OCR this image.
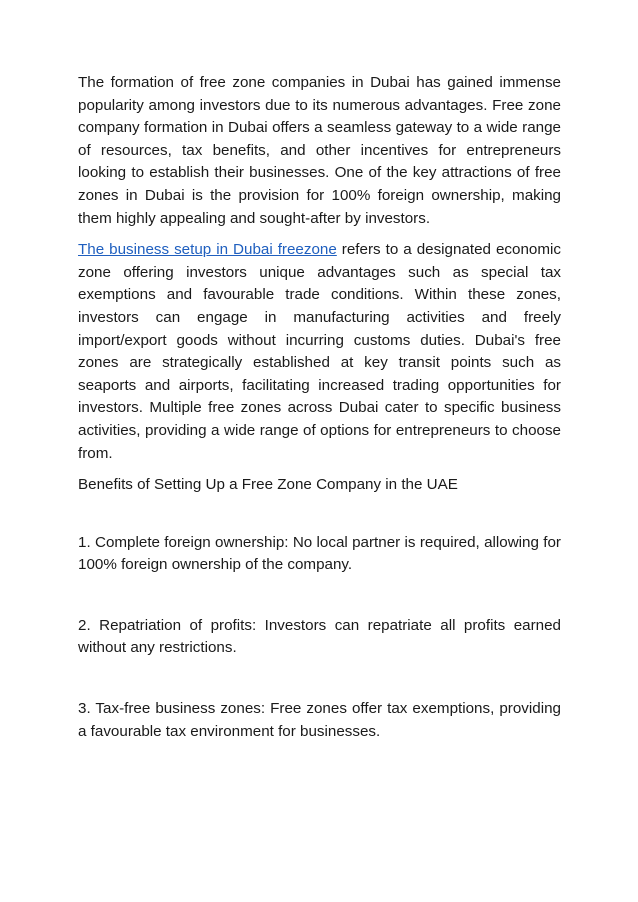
The formation of free zone companies in Dubai has gained immense popularity among investors due to its numerous advantages. Free zone company formation in Dubai offers a seamless gateway to a wide range of resources, tax benefits, and other incentives for entrepreneurs looking to establish their businesses. One of the key attractions of free zones in Dubai is the provision for 100% foreign ownership, making them highly appealing and sought-after by investors.

The business setup in Dubai freezone refers to a designated economic zone offering investors unique advantages such as special tax exemptions and favourable trade conditions. Within these zones, investors can engage in manufacturing activities and freely import/export goods without incurring customs duties. Dubai's free zones are strategically established at key transit points such as seaports and airports, facilitating increased trading opportunities for investors. Multiple free zones across Dubai cater to specific business activities, providing a wide range of options for entrepreneurs to choose from.

Benefits of Setting Up a Free Zone Company in the UAE

1. Complete foreign ownership: No local partner is required, allowing for 100% foreign ownership of the company.

2. Repatriation of profits: Investors can repatriate all profits earned without any restrictions.

3. Tax-free business zones: Free zones offer tax exemptions, providing a favourable tax environment for businesses.
